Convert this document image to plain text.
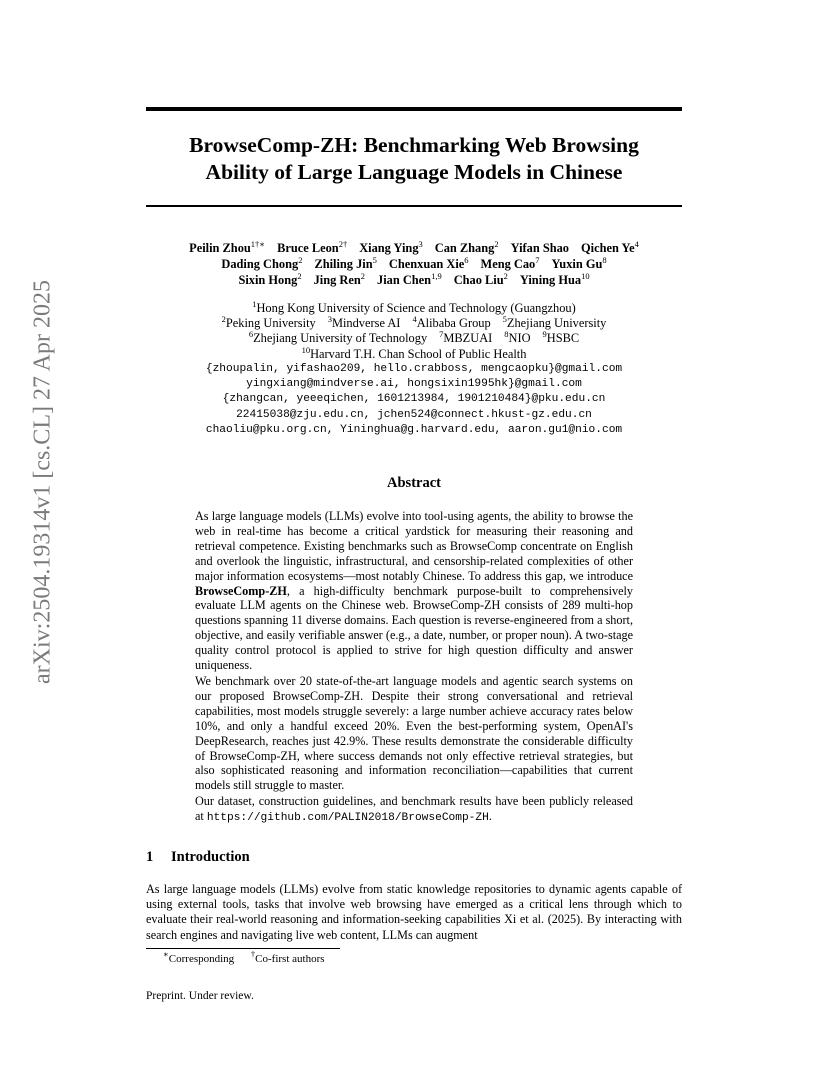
arXiv:2504.19314v1 [cs.CL] 27 Apr 2025
BrowseComp-ZH: Benchmarking Web Browsing
Ability of Large Language Models in Chinese
Peilin Zhou$^{1\dagger∗}$ Bruce Leon$^{2\dagger}$ Xiang Ying$^3$ Can Zhang$^2$ Yifan Shao Qichen Ye$^4$
Dading Chong$^2$ Zhiling Jin$^5$ Chenxuan Xie$^6$ Meng Cao$^7$ Yuxin Gu$^8$
Sixin Hong$^2$ Jing Ren$^2$ Jian Chen$^{1,9}$ Chao Liu$^2$ Yining Hua$^{10}$
$^1$Hong Kong University of Science and Technology (Guangzhou)
$^2$Peking University $^3$Mindverse AI $^4$Alibaba Group $^5$Zhejiang University
$^6$Zhejiang University of Technology $^7$MBZUAI $^8$NIO $^9$HSBC
$^{10}$Harvard T.H. Chan School of Public Health
{zhoupalin, yifashao209, hello.crabboss, mengcaopku}@gmail.com
yingxiang@mindverse.ai, hongsixin1995hk}@gmail.com
{zhangcan, yeeeqichen, 1601213984, 1901210484}@pku.edu.cn
22415038@zju.edu.cn, jchen524@connect.hkust-gz.edu.cn
chaoliu@pku.org.cn, Yininghua@g.harvard.edu, aaron.gu1@nio.com
Abstract

As large language models (LLMs) evolve into tool-using agents, the ability to browse the web in real-time has become a critical yardstick for measuring their reasoning and retrieval competence. Existing benchmarks such as BrowseComp concentrate on English and overlook the linguistic, infrastructural, and censorship-related complexities of other major information ecosystems—most notably Chinese. To address this gap, we introduce BrowseComp-ZH, a high-difficulty benchmark purpose-built to comprehensively evaluate LLM agents on the Chinese web. BrowseComp-ZH consists of 289 multi-hop questions spanning 11 diverse domains. Each question is reverse-engineered from a short, objective, and easily verifiable answer (e.g., a date, number, or proper noun). A two-stage quality control protocol is applied to strive for high question difficulty and answer uniqueness.

We benchmark over 20 state-of-the-art language models and agentic search systems on our proposed BrowseComp-ZH. Despite their strong conversational and retrieval capabilities, most models struggle severely: a large number achieve accuracy rates below 10%, and only a handful exceed 20%. Even the best-performing system, OpenAI's DeepResearch, reaches just 42.9%. These results demonstrate the considerable difficulty of BrowseComp-ZH, where success demands not only effective retrieval strategies, but also sophisticated reasoning and information reconciliation—capabilities that current models still struggle to master.

Our dataset, construction guidelines, and benchmark results have been publicly released at https://github.com/PALIN2018/BrowseComp-ZH.

1 Introduction

As large language models (LLMs) evolve from static knowledge repositories to dynamic agents capable of using external tools, tasks that involve web browsing have emerged as a critical lens through which to evaluate their real-world reasoning and information-seeking capabilities Xi et al. (2025). By interacting with search engines and navigating live web content, LLMs can augment

∗Corresponding †Co-first authors
Preprint. Under review.
